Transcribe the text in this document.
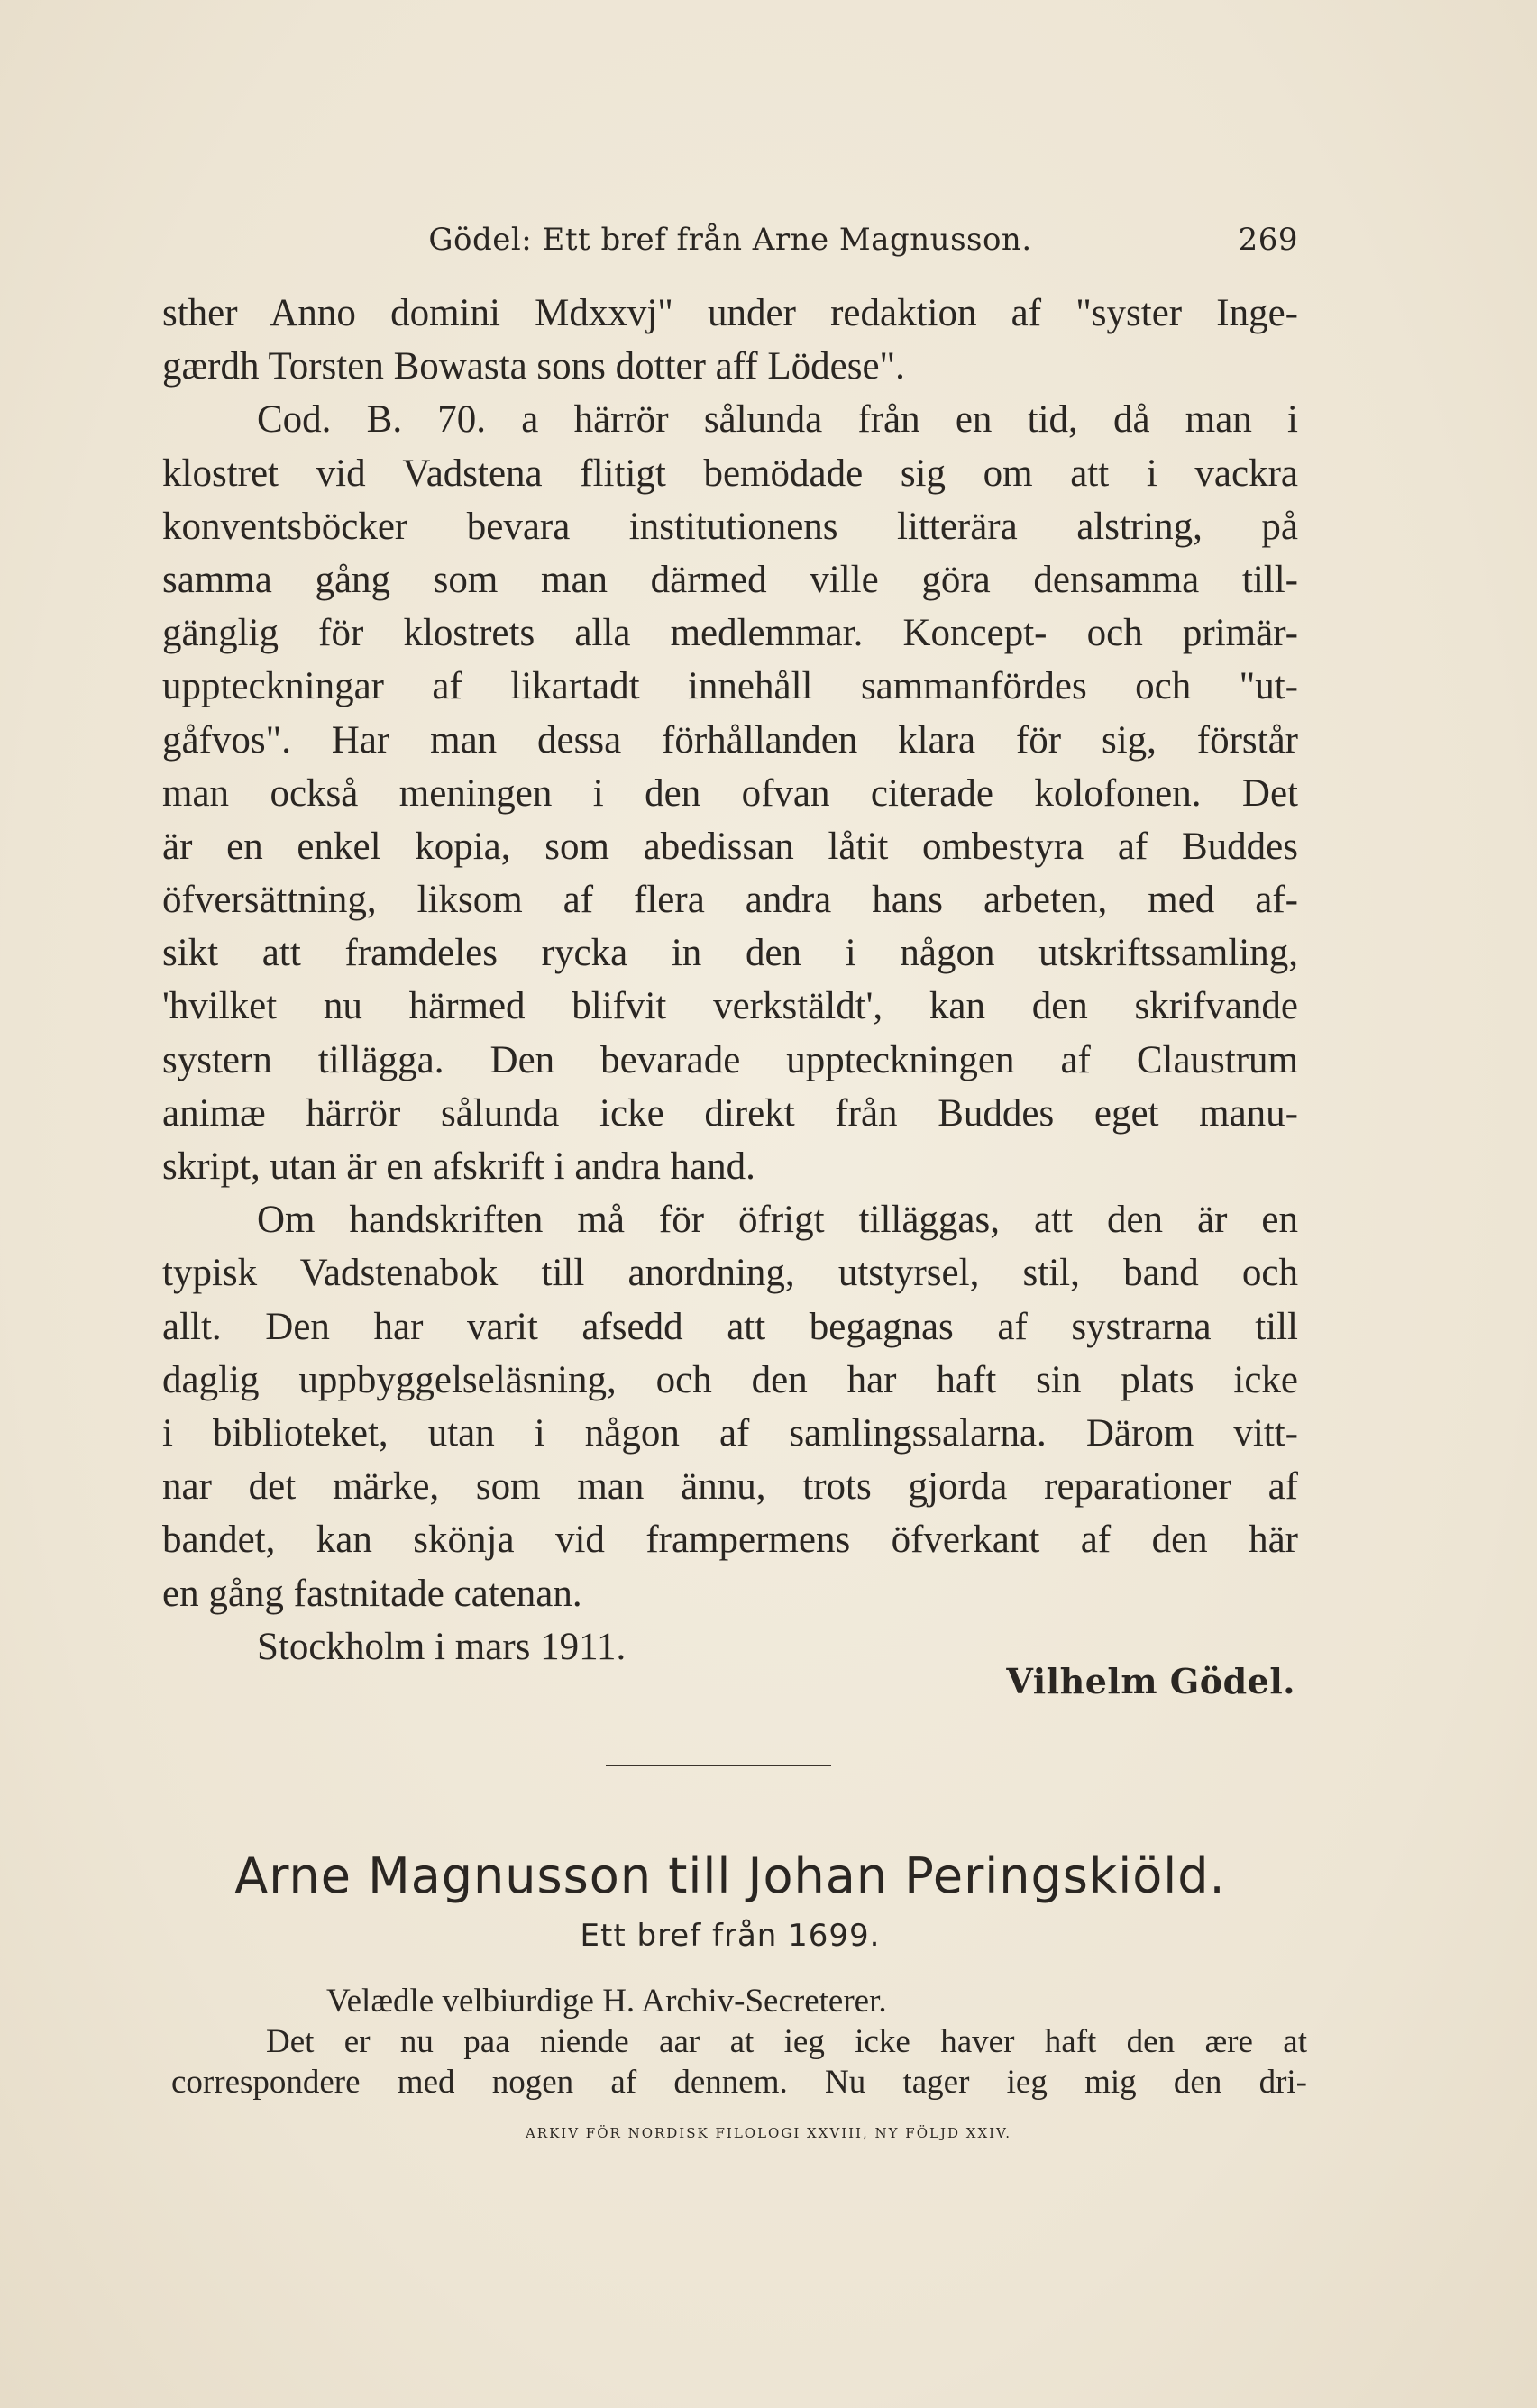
Gödel: Ett bref från Arne Magnusson.	269
sther Anno domini Mdxxvj" under redaktion af "syster Inge-
gærdh Torsten Bowasta sons dotter aff Lödese".
Cod. B. 70. a härrör sålunda från en tid, då man i
klostret vid Vadstena flitigt bemödade sig om att i vackra
konventsböcker bevara institutionens litterära alstring, på
samma gång som man därmed ville göra densamma till-
gänglig för klostrets alla medlemmar. Koncept- och primär-
uppteckningar af likartadt innehåll sammanfördes och "ut-
gåfvos". Har man dessa förhållanden klara för sig, förstår
man också meningen i den ofvan citerade kolofonen. Det
är en enkel kopia, som abedissan låtit ombestyra af Buddes
öfversättning, liksom af flera andra hans arbeten, med af-
sikt att framdeles rycka in den i någon utskriftssamling,
'hvilket nu härmed blifvit verkstäldt', kan den skrifvande
systern tillägga. Den bevarade uppteckningen af Claustrum
animæ härrör sålunda icke direkt från Buddes eget manu-
skript, utan är en afskrift i andra hand.
Om handskriften må för öfrigt tilläggas, att den är en
typisk Vadstenabok till anordning, utstyrsel, stil, band och
allt. Den har varit afsedd att begagnas af systrarna till
daglig uppbyggelseläsning, och den har haft sin plats icke
i biblioteket, utan i någon af samlingssalarna. Därom vitt-
nar det märke, som man ännu, trots gjorda reparationer af
bandet, kan skönja vid frampermens öfverkant af den här
en gång fastnitade catenan.
Stockholm i mars 1911.
Vilhelm Gödel.
Arne Magnusson till Johan Peringskiöld.
Ett bref från 1699.
Velædle velbiurdige H. Archiv-Secreterer.
Det er nu paa niende aar at ieg icke haver haft den ære at
correspondere med nogen af dennem. Nu tager ieg mig den dri-
ARKIV FÖR NORDISK FILOLOGI XXVIII, NY FÖLJD XXIV.
